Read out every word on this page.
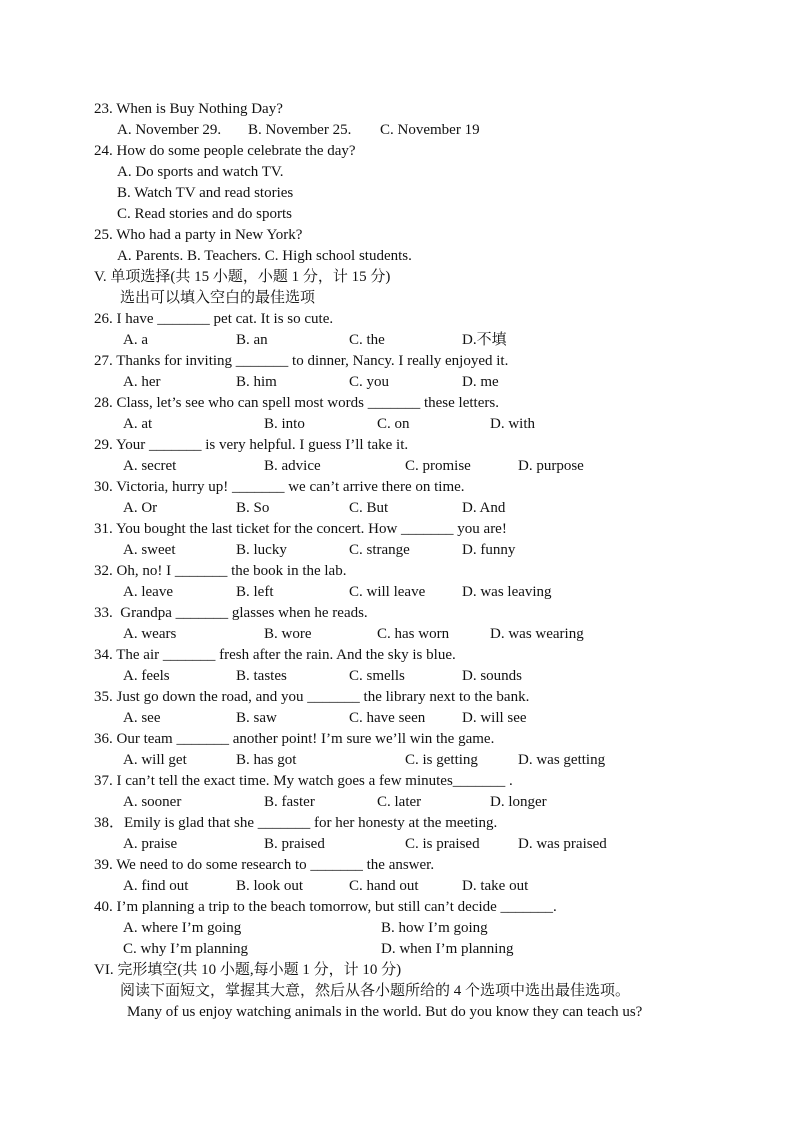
23. When is Buy Nothing Day?
A. November 29. B. November 25. C. November 19
24. How do some people celebrate the day?
A. Do sports and watch TV.
B. Watch TV and read stories
C. Read stories and do sports
25. Who had a party in New York?
A. Parents. B. Teachers. C. High school students.
V. 单项选择(共 15 小题，小题 1 分，计 15 分)
选出可以填入空白的最佳选项
26. I have _______ pet cat. It is so cute.
A. a	B. an	C. the	D.不填
27. Thanks for inviting _______ to dinner, Nancy. I really enjoyed it.
A. her	B. him	C. you	D. me
28. Class, let’s see who can spell most words _______ these letters.
A. at	B. into	C. on	D. with
29. Your _______ is very helpful. I guess I’ll take it.
A. secret	B. advice	C. promise	D. purpose
30. Victoria, hurry up! _______ we can’t arrive there on time.
A. Or	B. So	C. But	D. And
31. You bought the last ticket for the concert. How _______ you are!
A. sweet	B. lucky	C. strange	D. funny
32. Oh, no! I _______ the book in the lab.
A. leave	B. left	C. will leave D. was leaving
33.  Grandpa _______ glasses when he reads.
A. wears	B. wore	C. has worn	D. was wearing
34. The air _______ fresh after the rain. And the sky is blue.
A. feels	B. tastes	C. smells	D. sounds
35. Just go down the road, and you _______ the library next to the bank.
A. see	B. saw	C. have seen D. will see
36. Our team _______ another point! I’m sure we’ll win the game.
A. will get	B. has got	C. is getting	D. was getting
37. I can’t tell the exact time. My watch goes a few minutes_______ .
A. sooner	B. faster	C. later	D. longer
38．Emily is glad that she _______ for her honesty at the meeting.
A. praise	B. praised	C. is praised	D. was praised
39. We need to do some research to _______ the answer.
A. find out	B. look out	C. hand out	D. take out
40. I’m planning a trip to the beach tomorrow, but still can’t decide _______.
A. where I’m going	B. how I’m going
C. why I’m planning	D. when I’m planning
VI. 完形填空(共 10 小题,每小题 1 分，计 10 分)
阅读下面短文，掌握其大意，然后从各小题所给的 4 个选项中选出最佳选项。
Many of us enjoy watching animals in the world. But do you know they can teach us?
